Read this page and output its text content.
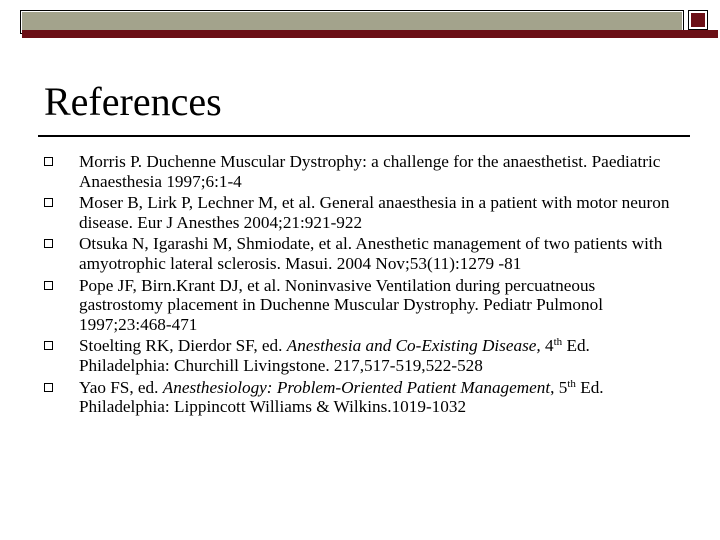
References
Morris P. Duchenne Muscular Dystrophy: a challenge for the anaesthetist. Paediatric Anaesthesia 1997;6:1-4
Moser B, Lirk P, Lechner M, et al. General anaesthesia in a patient with motor neuron disease. Eur J Anesthes 2004;21:921-922
Otsuka N, Igarashi M, Shmiodate, et al. Anesthetic management of two patients with amyotrophic lateral sclerosis. Masui. 2004 Nov;53(11):1279 -81
Pope JF, Birn.Krant DJ, et al. Noninvasive Ventilation during percuatneous gastrostomy placement in Duchenne Muscular Dystrophy. Pediatr Pulmonol 1997;23:468-471
Stoelting RK, Dierdor SF, ed. Anesthesia and Co-Existing Disease, 4th Ed. Philadelphia: Churchill Livingstone. 217,517-519,522-528
Yao FS, ed. Anesthesiology: Problem-Oriented Patient Management, 5th Ed. Philadelphia: Lippincott Williams & Wilkins.1019-1032
